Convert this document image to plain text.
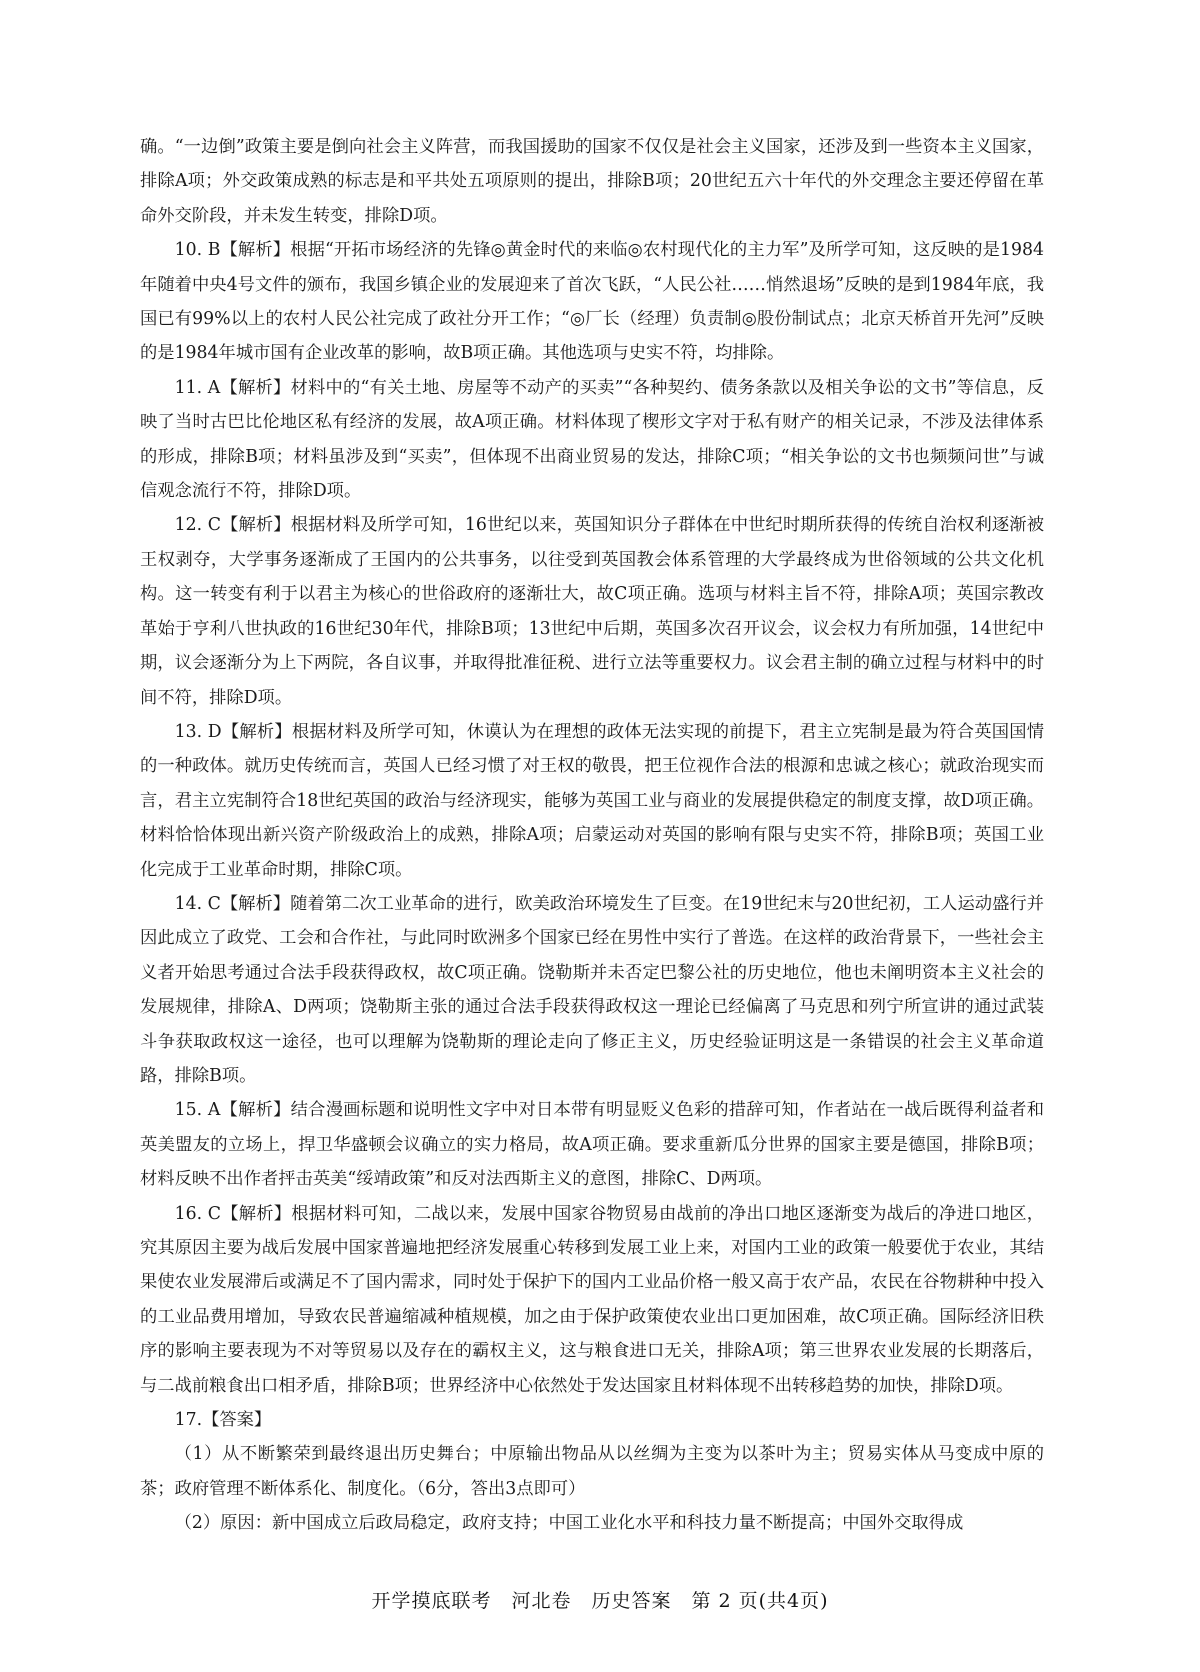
确。“一边倒”政策主要是倒向社会主义阵营，而我国援助的国家不仅仅是社会主义国家，还涉及到一些资本主义国家，排除A项；外交政策成熟的标志是和平共处五项原则的提出，排除B项；20世纪五六十年代的外交理念主要还停留在革命外交阶段，并未发生转变，排除D项。

10. B【解析】根据“开拓市场经济的先锋◎黄金时代的来临◎农村现代化的主力军”及所学可知，这反映的是1984年随着中央4号文件的颁布，我国乡镇企业的发展迎来了首次飞跃，“人民公社……悄然退场”反映的是到1984年底，我国已有99%以上的农村人民公社完成了政社分开工作；“◎厂长（经理）负责制◎股份制试点；北京天桥首开先河”反映的是1984年城市国有企业改革的影响，故B项正确。其他选项与史实不符，均排除。

11. A【解析】材料中的“有关土地、房屋等不动产的买卖”“各种契约、债务条款以及相关争讼的文书”等信息，反映了当时古巴比伦地区私有经济的发展，故A项正确。材料体现了楔形文字对于私有财产的相关记录，不涉及法律体系的形成，排除B项；材料虽涉及到“买卖”，但体现不出商业贸易的发达，排除C项；“相关争讼的文书也频频问世”与诚信观念流行不符，排除D项。

12. C【解析】根据材料及所学可知，16世纪以来，英国知识分子群体在中世纪时期所获得的传统自治权利逐渐被王权剥夺，大学事务逐渐成了王国内的公共事务，以往受到英国教会体系管理的大学最终成为世俗领域的公共文化机构。这一转变有利于以君主为核心的世俗政府的逐渐壮大，故C项正确。选项与材料主旨不符，排除A项；英国宗教改革始于亨利八世执政的16世纪30年代，排除B项；13世纪中后期，英国多次召开议会，议会权力有所加强，14世纪中期，议会逐渐分为上下两院，各自议事，并取得批准征税、进行立法等重要权力。议会君主制的确立过程与材料中的时间不符，排除D项。

13. D【解析】根据材料及所学可知，休谟认为在理想的政体无法实现的前提下，君主立宪制是最为符合英国国情的一种政体。就历史传统而言，英国人已经习惯了对王权的敬畏，把王位视作合法的根源和忠诚之核心；就政治现实而言，君主立宪制符合18世纪英国的政治与经济现实，能够为英国工业与商业的发展提供稳定的制度支撑，故D项正确。材料恰恰体现出新兴资产阶级政治上的成熟，排除A项；启蒙运动对英国的影响有限与史实不符，排除B项；英国工业化完成于工业革命时期，排除C项。

14. C【解析】随着第二次工业革命的进行，欧美政治环境发生了巨变。在19世纪末与20世纪初，工人运动盛行并因此成立了政党、工会和合作社，与此同时欧洲多个国家已经在男性中实行了普选。在这样的政治背景下，一些社会主义者开始思考通过合法手段获得政权，故C项正确。饶勒斯并未否定巴黎公社的历史地位，他也未阐明资本主义社会的发展规律，排除A、D两项；饶勒斯主张的通过合法手段获得政权这一理论已经偏离了马克思和列宁所宣讲的通过武装斗争获取政权这一途径，也可以理解为饶勒斯的理论走向了修正主义，历史经验证明这是一条错误的社会主义革命道路，排除B项。

15. A【解析】结合漫画标题和说明性文字中对日本带有明显贬义色彩的措辞可知，作者站在一战后既得利益者和英美盟友的立场上，捍卫华盛顿会议确立的实力格局，故A项正确。要求重新瓜分世界的国家主要是德国，排除B项；材料反映不出作者抨击英美“绥靖政策”和反对法西斯主义的意图，排除C、D两项。

16. C【解析】根据材料可知，二战以来，发展中国家谷物贸易由战前的净出口地区逐渐变为战后的净进口地区，究其原因主要为战后发展中国家普遍地把经济发展重心转移到发展工业上来，对国内工业的政策一般要优于农业，其结果使农业发展滞后或满足不了国内需求，同时处于保护下的国内工业品价格一般又高于农产品，农民在谷物耕种中投入的工业品费用增加，导致农民普遍缩减种植规模，加之由于保护政策使农业出口更加困难，故C项正确。国际经济旧秩序的影响主要表现为不对等贸易以及存在的霸权主义，这与粮食进口无关，排除A项；第三世界农业发展的长期落后，与二战前粮食出口相矛盾，排除B项；世界经济中心依然处于发达国家且材料体现不出转移趋势的加快，排除D项。

17.【答案】

（1）从不断繁荣到最终退出历史舞台；中原输出物品从以丝绸为主变为以茶叶为主；贸易实体从马变成中原的茶；政府管理不断体系化、制度化。（6分，答出3点即可）

（2）原因：新中国成立后政局稳定，政府支持；中国工业化水平和科技力量不断提高；中国外交取得成

开学摸底联考　河北卷　历史答案　第 2 页(共4页)
